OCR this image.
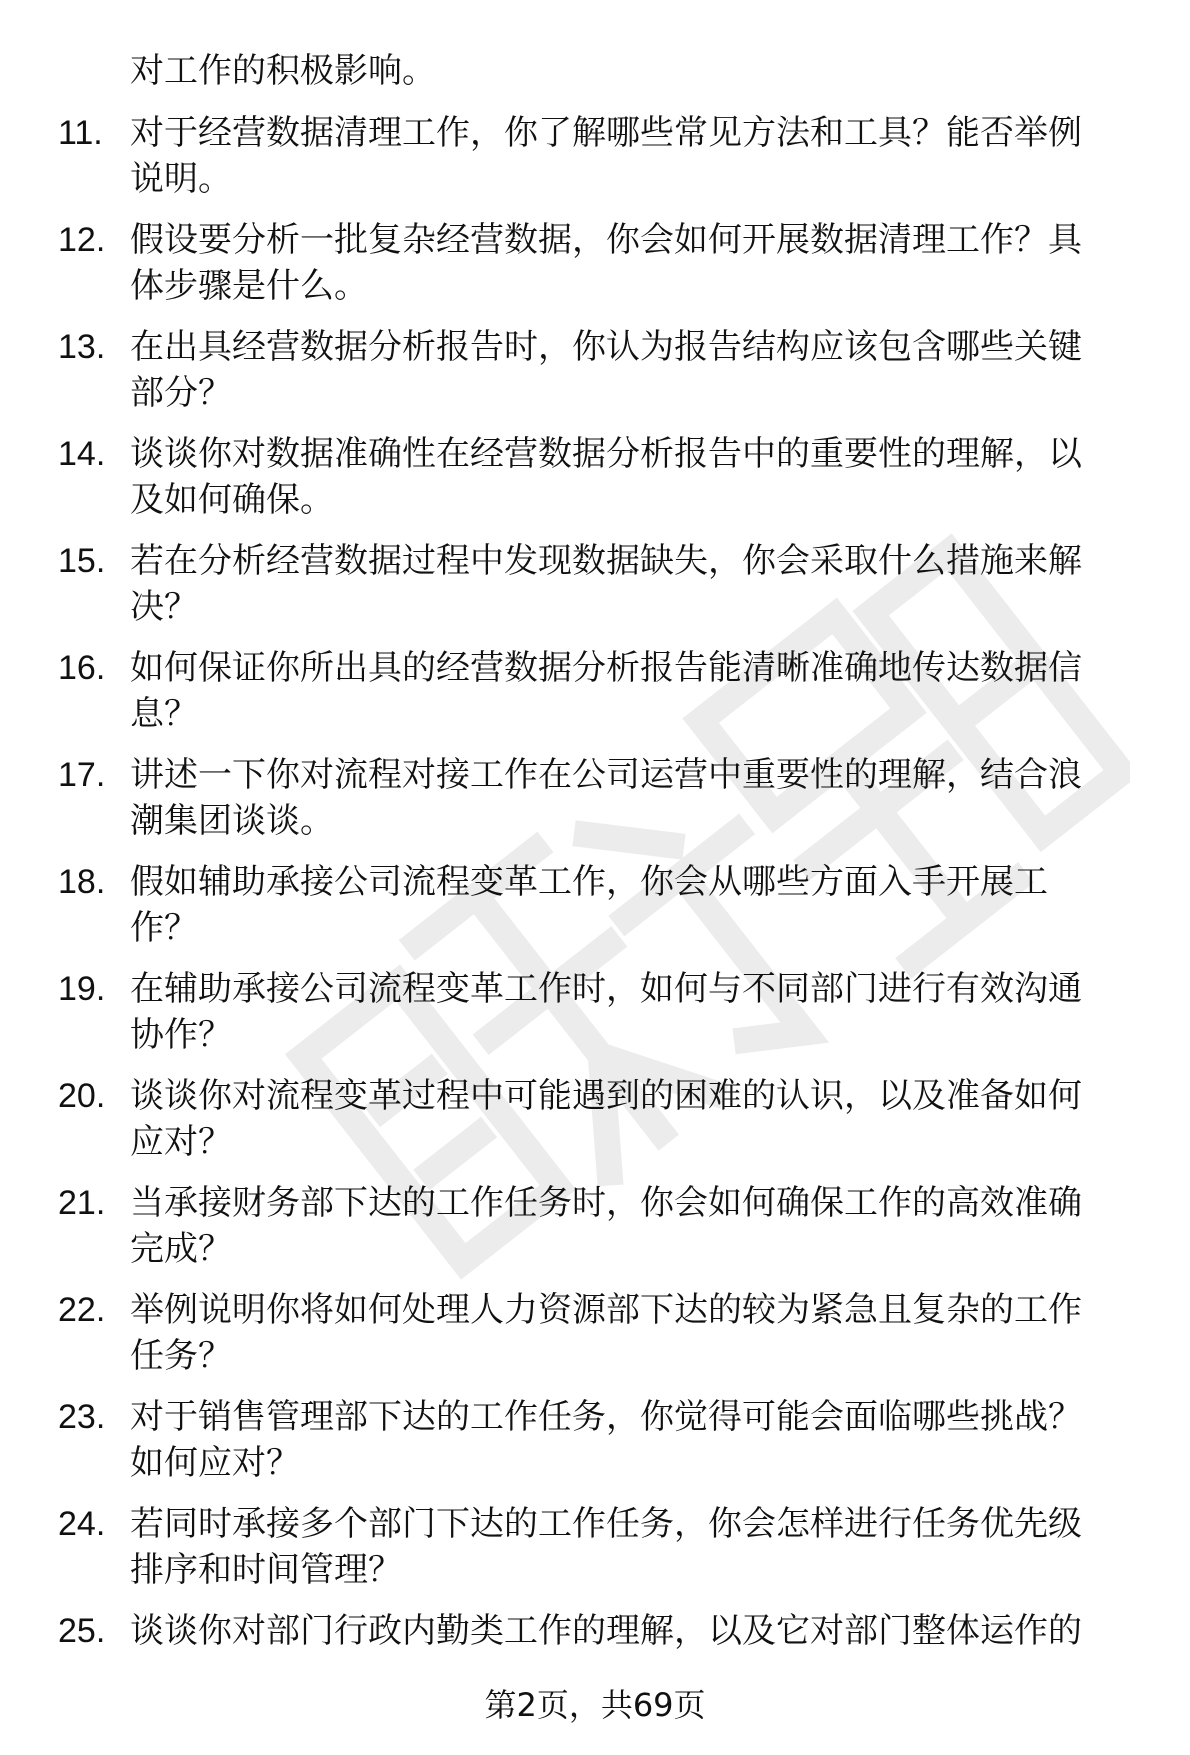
对工作的积极影响。
11. 对于经营数据清理工作，你了解哪些常见方法和工具？能否举例
说明。
12. 假设要分析一批复杂经营数据，你会如何开展数据清理工作？具
体步骤是什么。
13. 在出具经营数据分析报告时，你认为报告结构应该包含哪些关键
部分？
14. 谈谈你对数据准确性在经营数据分析报告中的重要性的理解，以
及如何确保。
15. 若在分析经营数据过程中发现数据缺失，你会采取什么措施来解
决？
16. 如何保证你所出具的经营数据分析报告能清晰准确地传达数据信
息？
17. 讲述一下你对流程对接工作在公司运营中重要性的理解，结合浪
潮集团谈谈。
18. 假如辅助承接公司流程变革工作，你会从哪些方面入手开展工
作？
19. 在辅助承接公司流程变革工作时，如何与不同部门进行有效沟通
协作？
20. 谈谈你对流程变革过程中可能遇到的困难的认识，以及准备如何
应对？
21. 当承接财务部下达的工作任务时，你会如何确保工作的高效准确
完成？
22. 举例说明你将如何处理人力资源部下达的较为紧急且复杂的工作
任务？
23. 对于销售管理部下达的工作任务，你觉得可能会面临哪些挑战？
如何应对？
24. 若同时承接多个部门下达的工作任务，你会怎样进行任务优先级
排序和时间管理？
25. 谈谈你对部门行政内勤类工作的理解，以及它对部门整体运作的
第2页，共69页
